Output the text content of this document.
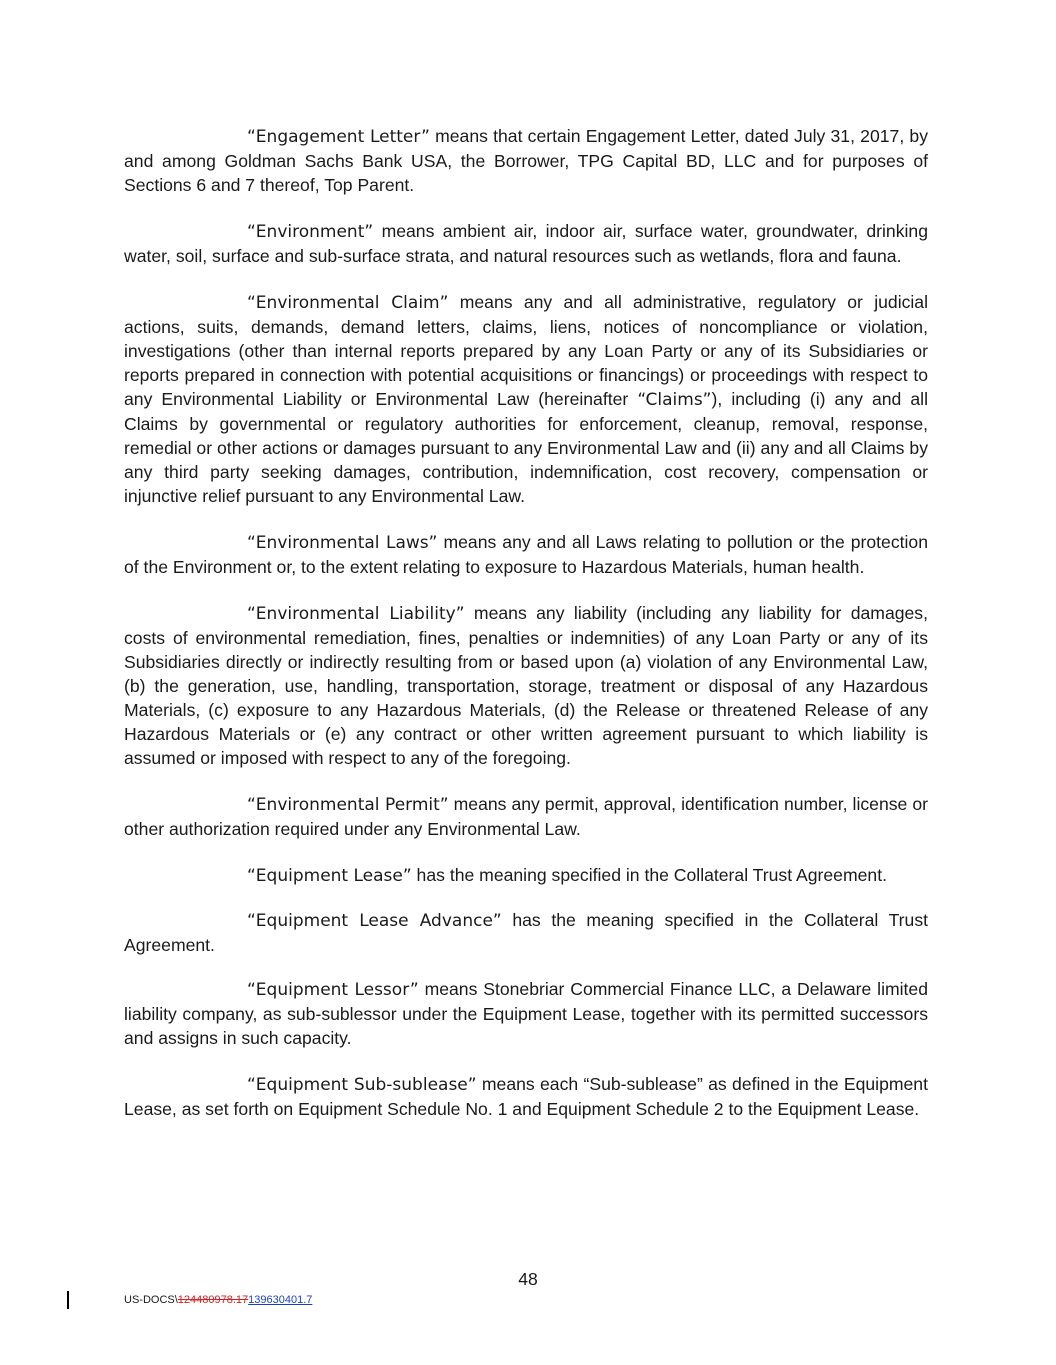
“Engagement Letter” means that certain Engagement Letter, dated July 31, 2017, by and among Goldman Sachs Bank USA, the Borrower, TPG Capital BD, LLC and for purposes of Sections 6 and 7 thereof, Top Parent.

“Environment” means ambient air, indoor air, surface water, groundwater, drinking water, soil, surface and sub-surface strata, and natural resources such as wetlands, flora and fauna.

“Environmental Claim” means any and all administrative, regulatory or judicial actions, suits, demands, demand letters, claims, liens, notices of noncompliance or violation, investigations (other than internal reports prepared by any Loan Party or any of its Subsidiaries or reports prepared in connection with potential acquisitions or financings) or proceedings with respect to any Environmental Liability or Environmental Law (hereinafter “Claims”), including (i) any and all Claims by governmental or regulatory authorities for enforcement, cleanup, removal, response, remedial or other actions or damages pursuant to any Environmental Law and (ii) any and all Claims by any third party seeking damages, contribution, indemnification, cost recovery, compensation or injunctive relief pursuant to any Environmental Law.

“Environmental Laws” means any and all Laws relating to pollution or the protection of the Environment or, to the extent relating to exposure to Hazardous Materials, human health.

“Environmental Liability” means any liability (including any liability for damages, costs of environmental remediation, fines, penalties or indemnities) of any Loan Party or any of its Subsidiaries directly or indirectly resulting from or based upon (a) violation of any Environmental Law, (b) the generation, use, handling, transportation, storage, treatment or disposal of any Hazardous Materials, (c) exposure to any Hazardous Materials, (d) the Release or threatened Release of any Hazardous Materials or (e) any contract or other written agreement pursuant to which liability is assumed or imposed with respect to any of the foregoing.

“Environmental Permit” means any permit, approval, identification number, license or other authorization required under any Environmental Law.

“Equipment Lease” has the meaning specified in the Collateral Trust Agreement.

“Equipment Lease Advance” has the meaning specified in the Collateral Trust Agreement.

“Equipment Lessor” means Stonebriar Commercial Finance LLC, a Delaware limited liability company, as sub-sublessor under the Equipment Lease, together with its permitted successors and assigns in such capacity.

“Equipment Sub-sublease” means each “Sub-sublease” as defined in the Equipment Lease, as set forth on Equipment Schedule No. 1 and Equipment Schedule 2 to the Equipment Lease.

48
US-DOCS\124480978.17139630401.7
